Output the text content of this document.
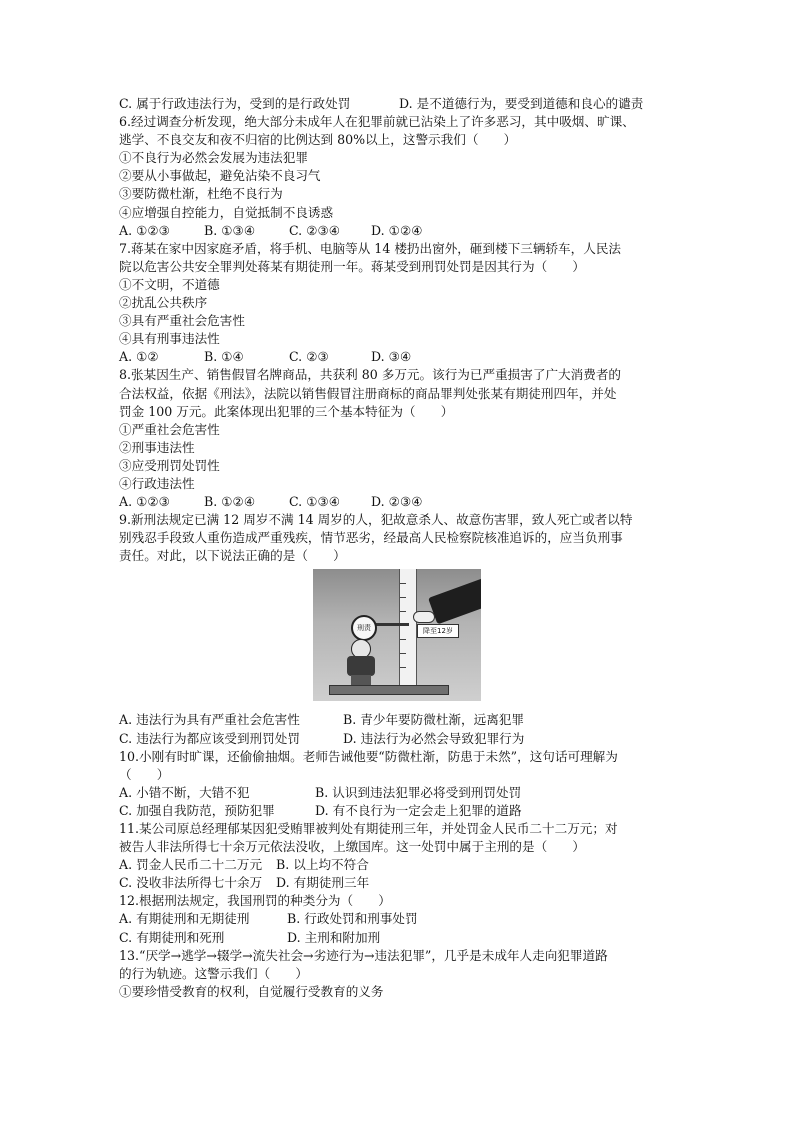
C. 属于行政违法行为，受到的是行政处罚	D. 是不道德行为，要受到道德和良心的谴责
6.经过调查分析发现，绝大部分未成年人在犯罪前就已沾染上了许多恶习，其中吸烟、旷课、
逃学、不良交友和夜不归宿的比例达到 80%以上，这警示我们（　　）
①不良行为必然会发展为违法犯罪
②要从小事做起，避免沾染不良习气
③要防微杜渐，杜绝不良行为
④应增强自控能力，自觉抵制不良诱惑
A. ①②③	B. ①③④	C. ②③④ D. ①②④
7.蒋某在家中因家庭矛盾，将手机、电脑等从 14 楼扔出窗外，砸到楼下三辆轿车，人民法
院以危害公共安全罪判处蒋某有期徒刑一年。蒋某受到刑罚处罚是因其行为（　　）
①不文明，不道德
②扰乱公共秩序
③具有严重社会危害性
④具有刑事违法性
A. ①②	B. ①④	C. ②③	D. ③④
8.张某因生产、销售假冒名牌商品，共获利 80 多万元。该行为已严重损害了广大消费者的
合法权益，依据《刑法》，法院以销售假冒注册商标的商品罪判处张某有期徒刑四年，并处
罚金 100 万元。此案体现出犯罪的三个基本特征为（　　）
①严重社会危害性
②刑事违法性
③应受刑罚处罚性
④行政违法性
A. ①②③	B. ①②④	C. ①③④ D. ②③④
9.新刑法规定已满 12 周岁不满 14 周岁的人，犯故意杀人、故意伤害罪，致人死亡或者以特
别残忍手段致人重伤造成严重残疾，情节恶劣，经最高人民检察院核准追诉的，应当负刑事
责任。对此，以下说法正确的是（　　）
降至12岁
刑责
A. 违法行为具有严重社会危害性	B. 青少年要防微杜渐，远离犯罪
C. 违法行为都应该受到刑罚处罚	D. 违法行为必然会导致犯罪行为
10.小刚有时旷课，还偷偷抽烟。老师告诫他要“防微杜渐，防患于未然”，这句话可理解为
（　　）
A. 小错不断，大错不犯	B. 认识到违法犯罪必将受到刑罚处罚
C. 加强自我防范，预防犯罪	D. 有不良行为一定会走上犯罪的道路
11.某公司原总经理郁某因犯受贿罪被判处有期徒刑三年，并处罚金人民币二十二万元；对
被告人非法所得七十余万元依法没收，上缴国库。这一处罚中属于主刑的是（　　）
A. 罚金人民币二十二万元 B. 以上均不符合
C. 没收非法所得七十余万 D. 有期徒刑三年
12.根据刑法规定，我国刑罚的种类分为（　　）
A. 有期徒刑和无期徒刑	B. 行政处罚和刑事处罚
C. 有期徒刑和死刑	D. 主刑和附加刑
13.“厌学→逃学→辍学→流失社会→劣迹行为→违法犯罪”，几乎是未成年人走向犯罪道路
的行为轨迹。这警示我们（　　）
①要珍惜受教育的权利，自觉履行受教育的义务
